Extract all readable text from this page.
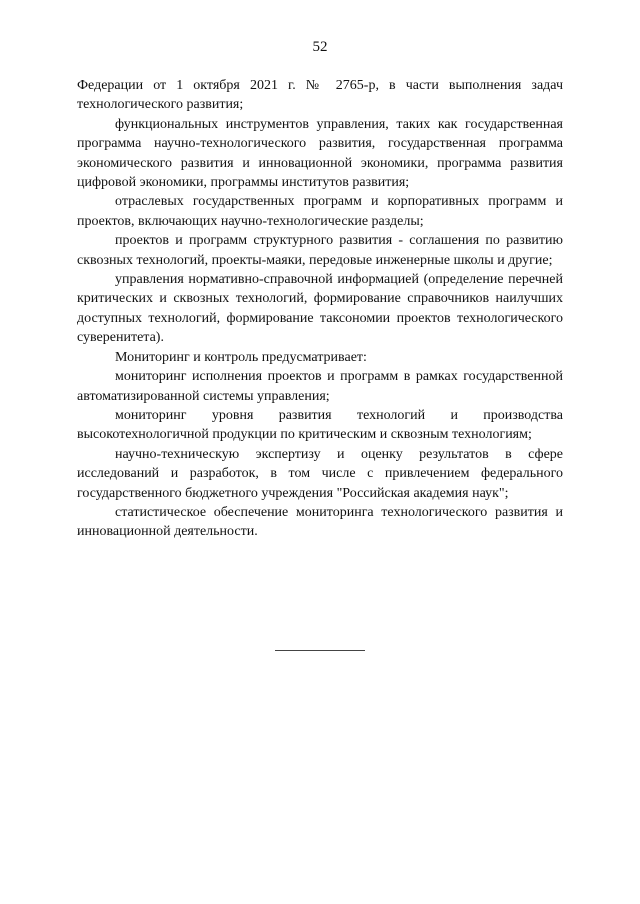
52

Федерации от 1 октября 2021 г. № 2765-р, в части выполнения задач технологического развития;

функциональных инструментов управления, таких как государственная программа научно-технологического развития, государственная программа экономического развития и инновационной экономики, программа развития цифровой экономики, программы институтов развития;

отраслевых государственных программ и корпоративных программ и проектов, включающих научно-технологические разделы;

проектов и программ структурного развития - соглашения по развитию сквозных технологий, проекты-маяки, передовые инженерные школы и другие;

управления нормативно-справочной информацией (определение перечней критических и сквозных технологий, формирование справочников наилучших доступных технологий, формирование таксономии проектов технологического суверенитета).

Мониторинг и контроль предусматривает:

мониторинг исполнения проектов и программ в рамках государственной автоматизированной системы управления;

мониторинг уровня развития технологий и производства высокотехнологичной продукции по критическим и сквозным технологиям;

научно-техническую экспертизу и оценку результатов в сфере исследований и разработок, в том числе с привлечением федерального государственного бюджетного учреждения "Российская академия наук";

статистическое обеспечение мониторинга технологического развития и инновационной деятельности.
